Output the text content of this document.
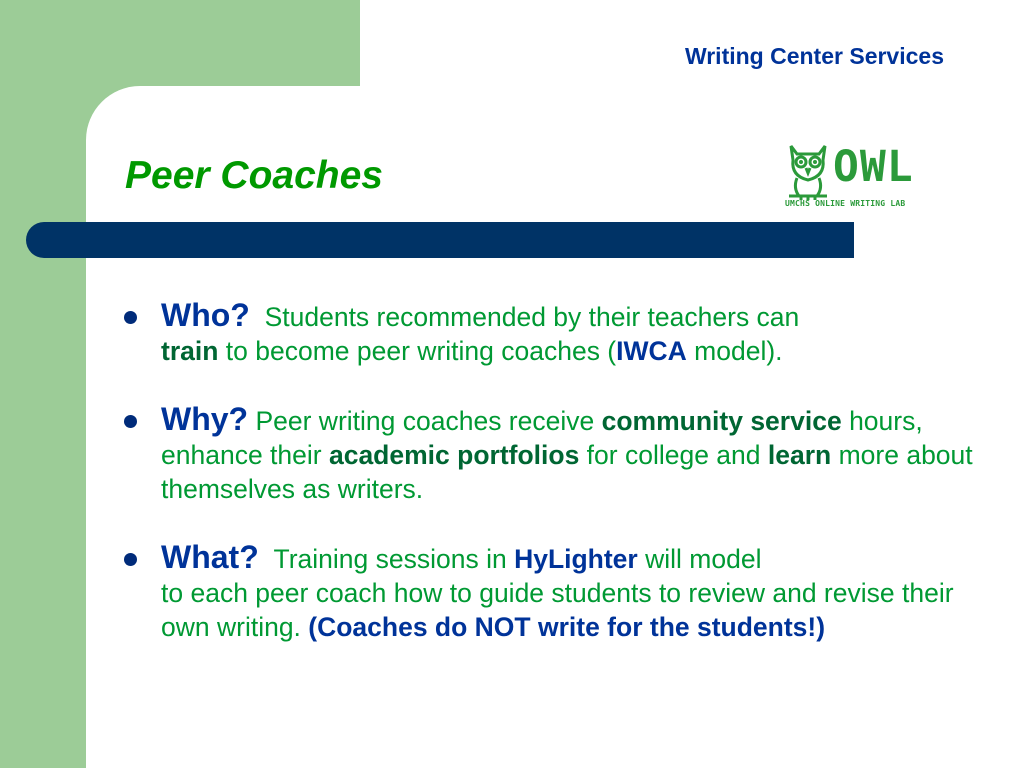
Writing Center Services
Peer Coaches	OWL
UMCHS ONLINE WRITING LAB
Who? Students recommended by their teachers can
train to become peer writing coaches (IWCA model).
Why? Peer writing coaches receive community service hours, enhance their academic portfolios for college and learn more about themselves as writers.
What? Training sessions in HyLighter will model
to each peer coach how to guide students to review and revise their own writing. (Coaches do NOT write for the students!)
